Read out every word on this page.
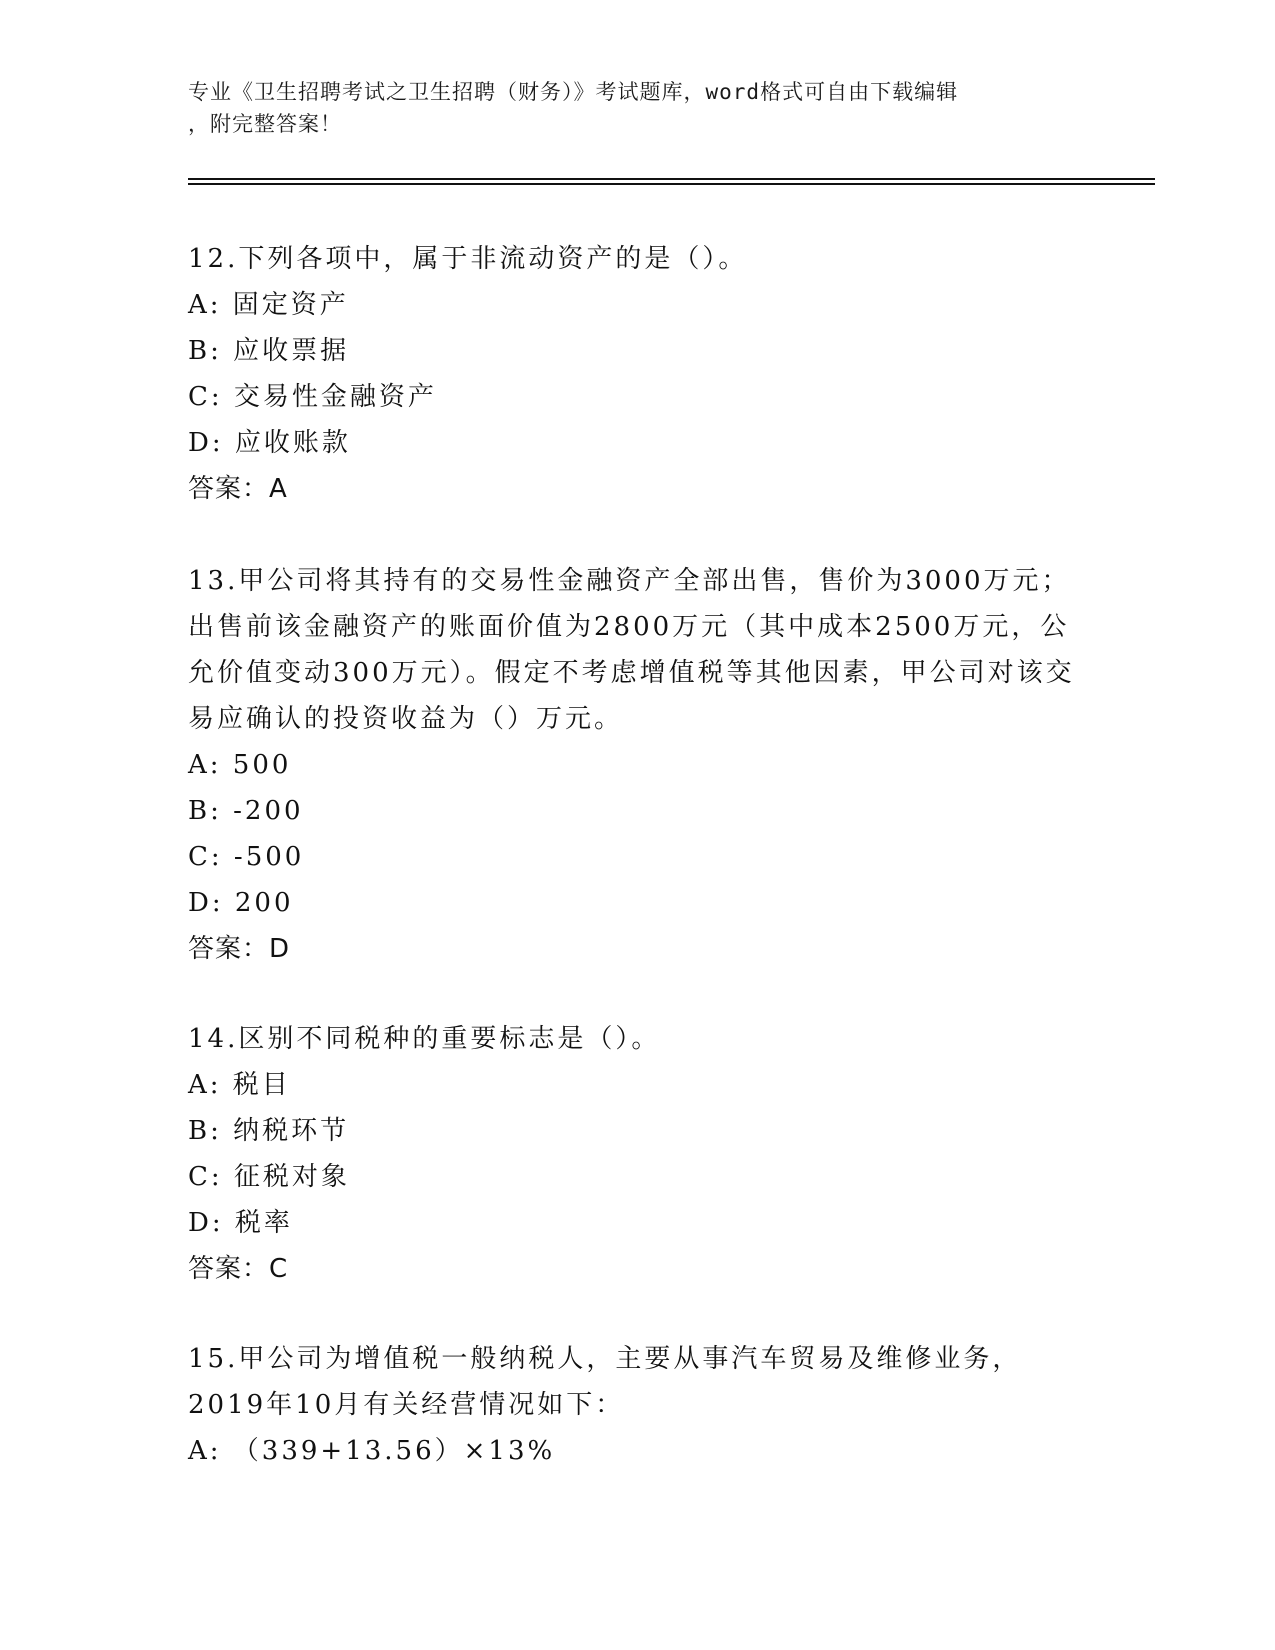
专业《卫生招聘考试之卫生招聘（财务）》考试题库，word格式可自由下载编辑
，附完整答案！

12.下列各项中，属于非流动资产的是（）。

A: 固定资产

B: 应收票据

C: 交易性金融资产

D: 应收账款

答案：A

13.甲公司将其持有的交易性金融资产全部出售，售价为3000万元；出售前该金融资产的账面价值为2800万元（其中成本2500万元，公允价值变动300万元）。假定不考虑增值税等其他因素，甲公司对该交易应确认的投资收益为（）万元。

A: 500

B: -200

C: -500

D: 200

答案：D

14.区别不同税种的重要标志是（）。

A: 税目

B: 纳税环节

C: 征税对象

D: 税率

答案：C

15.甲公司为增值税一般纳税人，主要从事汽车贸易及维修业务，2019年10月有关经营情况如下：

A: （339+13.56）×13%
